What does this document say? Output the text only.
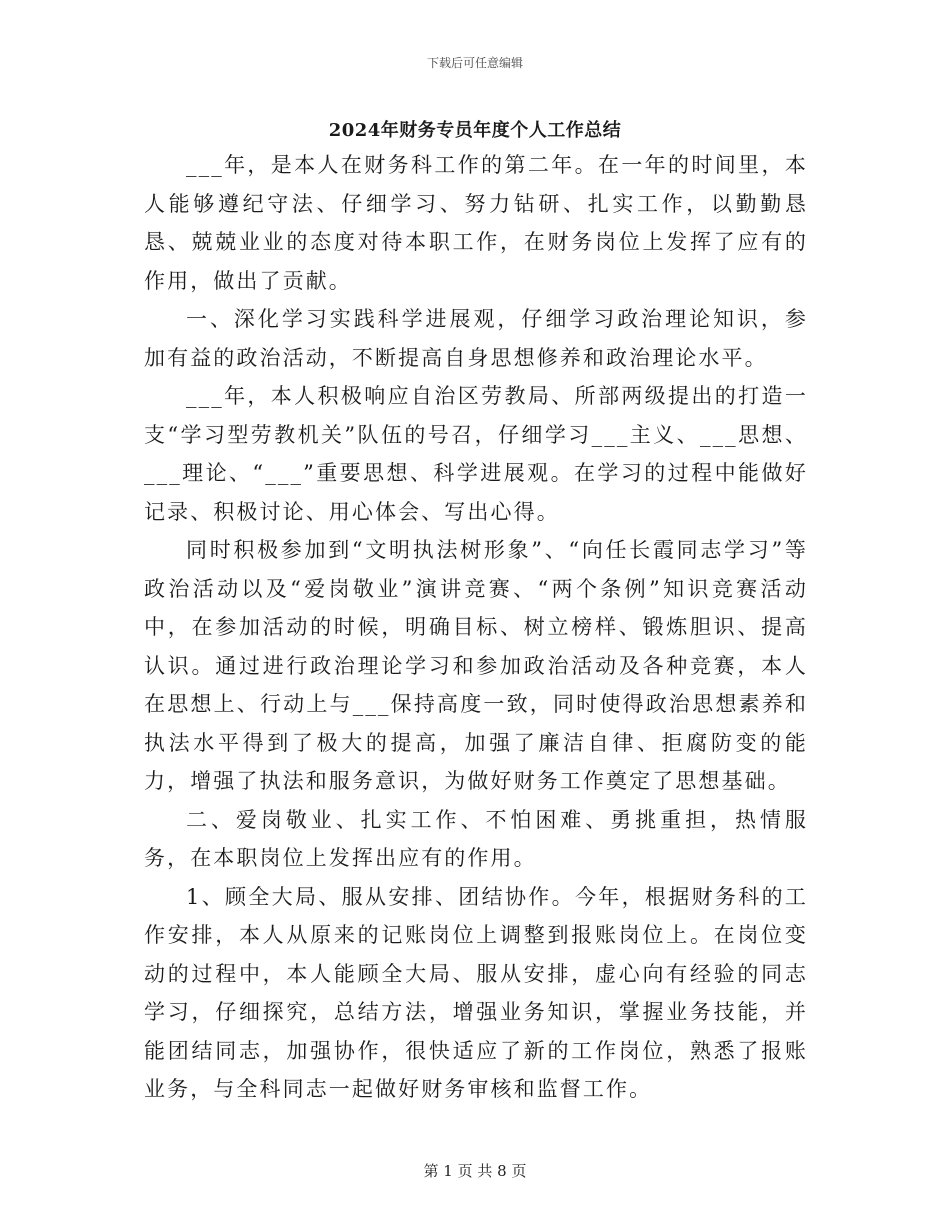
下载后可任意编辑
2024年财务专员年度个人工作总结

___年，是本人在财务科工作的第二年。在一年的时间里，本人能够遵纪守法、仔细学习、努力钻研、扎实工作，以勤勤恳恳、兢兢业业的态度对待本职工作，在财务岗位上发挥了应有的作用，做出了贡献。

一、深化学习实践科学进展观，仔细学习政治理论知识，参加有益的政治活动，不断提高自身思想修养和政治理论水平。

___年，本人积极响应自治区劳教局、所部两级提出的打造一支“学习型劳教机关”队伍的号召，仔细学习___主义、___思想、___理论、“___”重要思想、科学进展观。在学习的过程中能做好记录、积极讨论、用心体会、写出心得。

同时积极参加到“文明执法树形象”、“向任长霞同志学习”等政治活动以及“爱岗敬业”演讲竞赛、“两个条例”知识竞赛活动中，在参加活动的时候，明确目标、树立榜样、锻炼胆识、提高认识。通过进行政治理论学习和参加政治活动及各种竞赛，本人在思想上、行动上与___保持高度一致，同时使得政治思想素养和执法水平得到了极大的提高，加强了廉洁自律、拒腐防变的能力，增强了执法和服务意识，为做好财务工作奠定了思想基础。

二、爱岗敬业、扎实工作、不怕困难、勇挑重担，热情服务，在本职岗位上发挥出应有的作用。

1、顾全大局、服从安排、团结协作。今年，根据财务科的工作安排，本人从原来的记账岗位上调整到报账岗位上。在岗位变动的过程中，本人能顾全大局、服从安排，虚心向有经验的同志学习，仔细探究，总结方法，增强业务知识，掌握业务技能，并能团结同志，加强协作，很快适应了新的工作岗位，熟悉了报账业务，与全科同志一起做好财务审核和监督工作。

第 1 页 共 8 页
